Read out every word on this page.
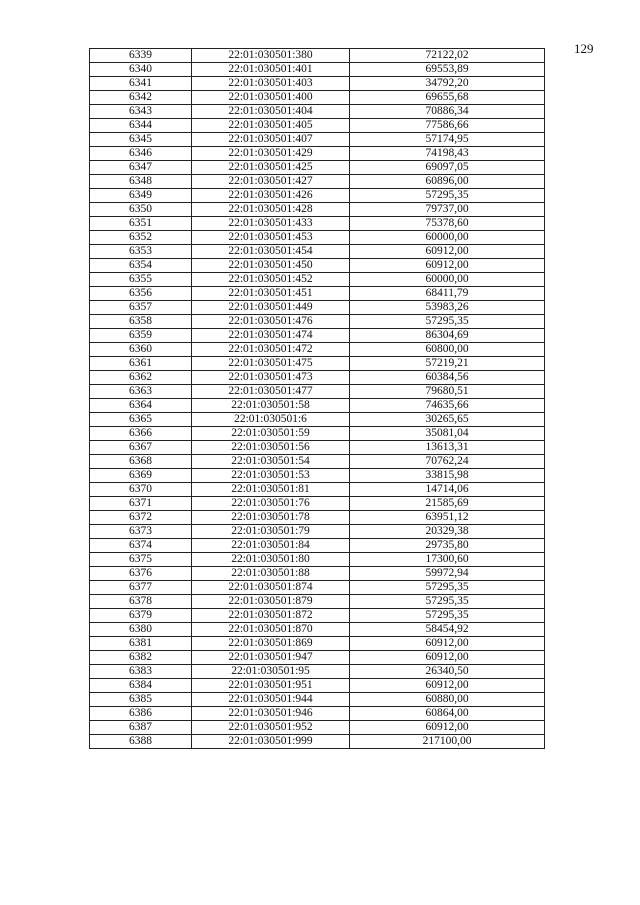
129
6339	22:01:030501:380	72122,02
6340	22:01:030501:401	69553,89
6341	22:01:030501:403	34792,20
6342	22:01:030501:400	69655,68
6343	22:01:030501:404	70886,34
6344	22:01:030501:405	77586,66
6345	22:01:030501:407	57174,95
6346	22:01:030501:429	74198,43
6347	22:01:030501:425	69097,05
6348	22:01:030501:427	60896,00
6349	22:01:030501:426	57295,35
6350	22:01:030501:428	79737,00
6351	22:01:030501:433	75378,60
6352	22:01:030501:453	60000,00
6353	22:01:030501:454	60912,00
6354	22:01:030501:450	60912,00
6355	22:01:030501:452	60000,00
6356	22:01:030501:451	68411,79
6357	22:01:030501:449	53983,26
6358	22:01:030501:476	57295,35
6359	22:01:030501:474	86304,69
6360	22:01:030501:472	60800,00
6361	22:01:030501:475	57219,21
6362	22:01:030501:473	60384,56
6363	22:01:030501:477	79680,51
6364	22:01:030501:58	74635,66
6365	22:01:030501:6	30265,65
6366	22:01:030501:59	35081,04
6367	22:01:030501:56	13613,31
6368	22:01:030501:54	70762,24
6369	22:01:030501:53	33815,98
6370	22:01:030501:81	14714,06
6371	22:01:030501:76	21585,69
6372	22:01:030501:78	63951,12
6373	22:01:030501:79	20329,38
6374	22:01:030501:84	29735,80
6375	22:01:030501:80	17300,60
6376	22:01:030501:88	59972,94
6377	22:01:030501:874	57295,35
6378	22:01:030501:879	57295,35
6379	22:01:030501:872	57295,35
6380	22:01:030501:870	58454,92
6381	22:01:030501:869	60912,00
6382	22:01:030501:947	60912,00
6383	22:01:030501:95	26340,50
6384	22:01:030501:951	60912,00
6385	22:01:030501:944	60880,00
6386	22:01:030501:946	60864,00
6387	22:01:030501:952	60912,00
6388	22:01:030501:999	217100,00
